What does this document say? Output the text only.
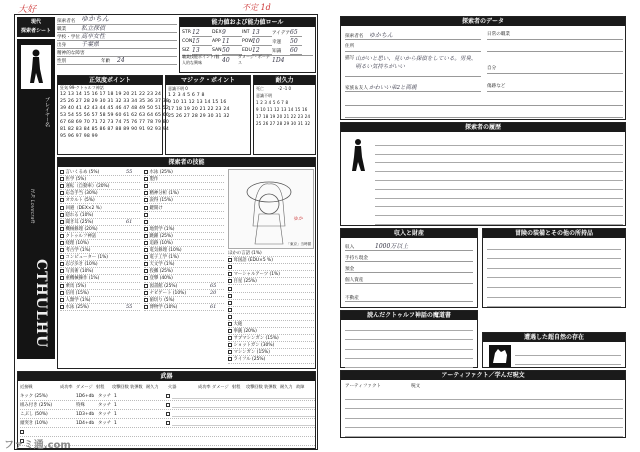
大好	不定 1d
現代
探索者シート
探索者名 ゆかちん
職業	私立探偵
学校・学位 高卒女性
出身	千葉県
精神的な障害
性別	年齢	24
能力値および能力値ロール
STR 12	DEX 9	INT 13	アイデア 65
CON 15	APP 11	POW 10	幸運	50
SIZ 13	SAN 50	EDU 12	知識	60
職業技能ポイント/個人的な興味	40	ダメージ・ボーナス	1D4
プレイヤー名
H.P. Lovecraft
CTHULHU
正気度ポイント
狂気 99-クトゥルフ神話
12 13 14 15 16 17 18 19 20 21 22 23 24
25 26 27 28 29 30 31 32 33 34 35 36 37 38
39 40 41 42 43 44 45 46 47 48 49 50 51 52
53 54 55 56 57 58 59 60 61 62 63 64 65 66
67 68 69 70 71 72 73 74 75 76 77 78 79 80
81 82 83 84 85 86 87 88 89 90 91 92 93 94
95 96 97 98 99
マジック・ポイント
意識不明 0
1 2 3 4 5 6 7 8
9 10 11 12 13 14 15 16
17 18 19 20 21 22 23 24
25 26 27 28 29 30 31 32
耐久力
死亡	-2 -1 0
意識不明
1 2 3 4 5 6 7 8
9 10 11 12 13 14 15 16
17 18 19 20 21 22 23 24
25 26 27 28 29 30 31 32
探索者の技能
言いくるめ (5%)	55
医学 (5%)
運転（自動車）(20%)
応急手当 (30%)
オカルト (5%)
回避（DEX×2 %）
隠れる (10%)
聞き耳 (25%)	61
機械修理 (20%)
クトゥルフ神話
経理 (10%)
考古学 (1%)
コンピューター (1%)
忍び歩き (10%)
写真術 (10%)
重機械操作 (1%)
乗馬 (5%)
信用 (15%)
人類学 (1%)
水泳 (25%)	55
水泳 (25%)
製作
精神分析 (1%)
説得 (15%)
鍵開け
地質学 (1%)
跳躍 (25%)
追跡 (10%)
電気修理 (10%)
電子工学 (1%)
天文学 (1%)
投擲 (25%)
登攀 (40%)
図書館 (25%)	65
ナビゲート (10%)	20
値切り (5%)
博物学 (10%)	61
ゆか
「東京」当時描
ほかの言語 (1%)
母国語 (EDU×5 %)
マーシャルアーツ (1%)
目星 (25%)
大砲
拳銃 (20%)
サブマシンガン (15%)
ショットガン (30%)
マシンガン (15%)
ライフル (25%)
武器
近接戦	成功率 ダメージ 射程	攻撃回数 装弾数 耐久力	火器	成功率 ダメージ 射程	攻撃回数 装弾数 耐久力 故障
キック (25%)	1D6+db タッチ 1
組み付き (25%)	特殊	タッチ 1
こぶし (50%)	1D3+db タッチ 1
頭突き (10%)	1D4+db タッチ 1
探索者のデータ
探索者名 ゆかちん	日常の職業
住所
描写 山がいと思い、見いから探偵をしている。男臭、明るい気持ちがいい	自分
家族＆友人 かわいい弟2と両親	傷跡など
探索者の履歴
収入と財産
収入	1000万以上
手持ち現金
預金
個人資産
不動産
冒険の装備とその他の所持品
読んだクトゥルフ神話の魔道書
遭遇した超自然の存在
アーティファクト／学んだ呪文
アーティファクト	呪文
ファミ通.com
